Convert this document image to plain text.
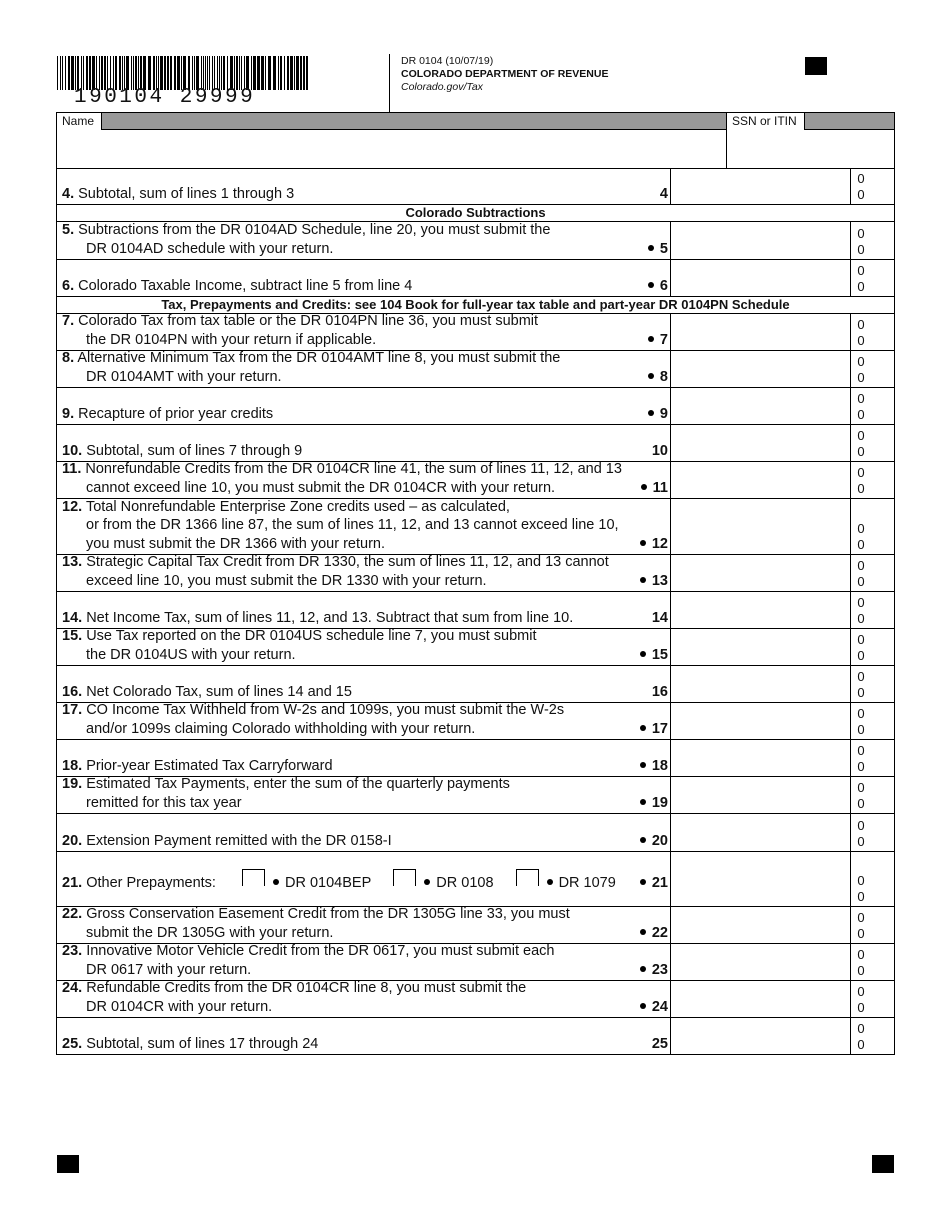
190104 29999
DR 0104 (10/07/19)
COLORADO DEPARTMENT OF REVENUE
Colorado.gov/Tax
Name	SSN or ITIN
4. Subtotal, sum of lines 1 through 3	4
0 0
Colorado Subtractions
5. Subtractions from the DR 0104AD Schedule, line 20, you must submit the
DR 0104AD schedule with your return.	5
0 0
6. Colorado Taxable Income, subtract line 5 from line 4	6
0 0
Tax, Prepayments and Credits: see 104 Book for full-year tax table and part-year DR 0104PN Schedule
7. Colorado Tax from tax table or the DR 0104PN line 36, you must submit
the DR 0104PN with your return if applicable.	7
0 0
8. Alternative Minimum Tax from the DR 0104AMT line 8, you must submit the
DR 0104AMT with your return.	8
0 0
9. Recapture of prior year credits	9
0 0
10. Subtotal, sum of lines 7 through 9	10
0 0
11. Nonrefundable Credits from the DR 0104CR line 41, the sum of lines 11, 12, and 13
cannot exceed line 10, you must submit the DR 0104CR with your return.	11
0 0
12. Total Nonrefundable Enterprise Zone credits used – as calculated,
or from the DR 1366 line 87, the sum of lines 11, 12, and 13 cannot exceed line 10,
you must submit the DR 1366 with your return.	12
0 0
13. Strategic Capital Tax Credit from DR 1330, the sum of lines 11, 12, and 13 cannot
exceed line 10, you must submit the DR 1330 with your return.	13
0 0
14. Net Income Tax, sum of lines 11, 12, and 13. Subtract that sum from line 10.	14
0 0
15. Use Tax reported on the DR 0104US schedule line 7, you must submit
the DR 0104US with your return.	15
0 0
16. Net Colorado Tax, sum of lines 14 and 15	16
0 0
17. CO Income Tax Withheld from W-2s and 1099s, you must submit the W-2s
and/or 1099s claiming Colorado withholding with your return.	17
0 0
18. Prior-year Estimated Tax Carryforward	18
0 0
19. Estimated Tax Payments, enter the sum of the quarterly payments
remitted for this tax year	19
0 0
20. Extension Payment remitted with the DR 0158-I	20
0 0
21. Other Prepayments:	DR 0104BEP	DR 0108	DR 1079	21	0 0
22. Gross Conservation Easement Credit from the DR 1305G line 33, you must
submit the DR 1305G with your return.	22
0 0
23. Innovative Motor Vehicle Credit from the DR 0617, you must submit each
DR 0617 with your return.	23
0 0
24. Refundable Credits from the DR 0104CR line 8, you must submit the
DR 0104CR with your return.	24
0 0
25. Subtotal, sum of lines 17 through 24	25
0 0
